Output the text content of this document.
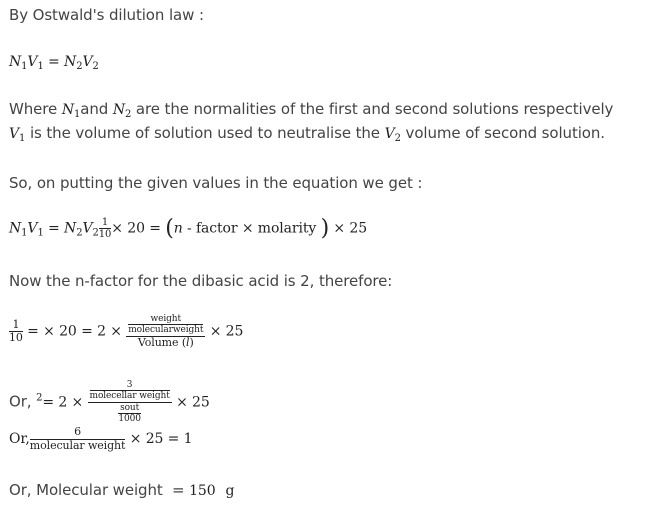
By Ostwald's dilution law :
$N_1V_1 = N_2V_2$
Where $N_1and$ $N_2$ are the normalities of the first and second solutions respectively
$V_1$ is the volume of solution used to neutralise the $V_2$ volume of second solution.
So, on putting the given values in the equation we get :
$N_1V_1 = N_2V_2 \frac{1}{10} \times 20 = (n$ - factor × molarity ) × 25
Now the n-factor for the dibasic acid is 2, therefore:
$\frac{1}{10}$ = × $20 = 2 \times \frac{\frac{\text{weight}}{\text{molecularweight}}}{\text{Volume (l)}} \times 25$
Or, $^2= 2 \times \frac{\frac{3}{\text{molecellar weight}}}{\frac{\text{sout}}{1000}} \times 25$
Or, $\frac{6}{\text{molecular weight}} \times 25 = 1$
Or, Molecular weight  = 150 g
